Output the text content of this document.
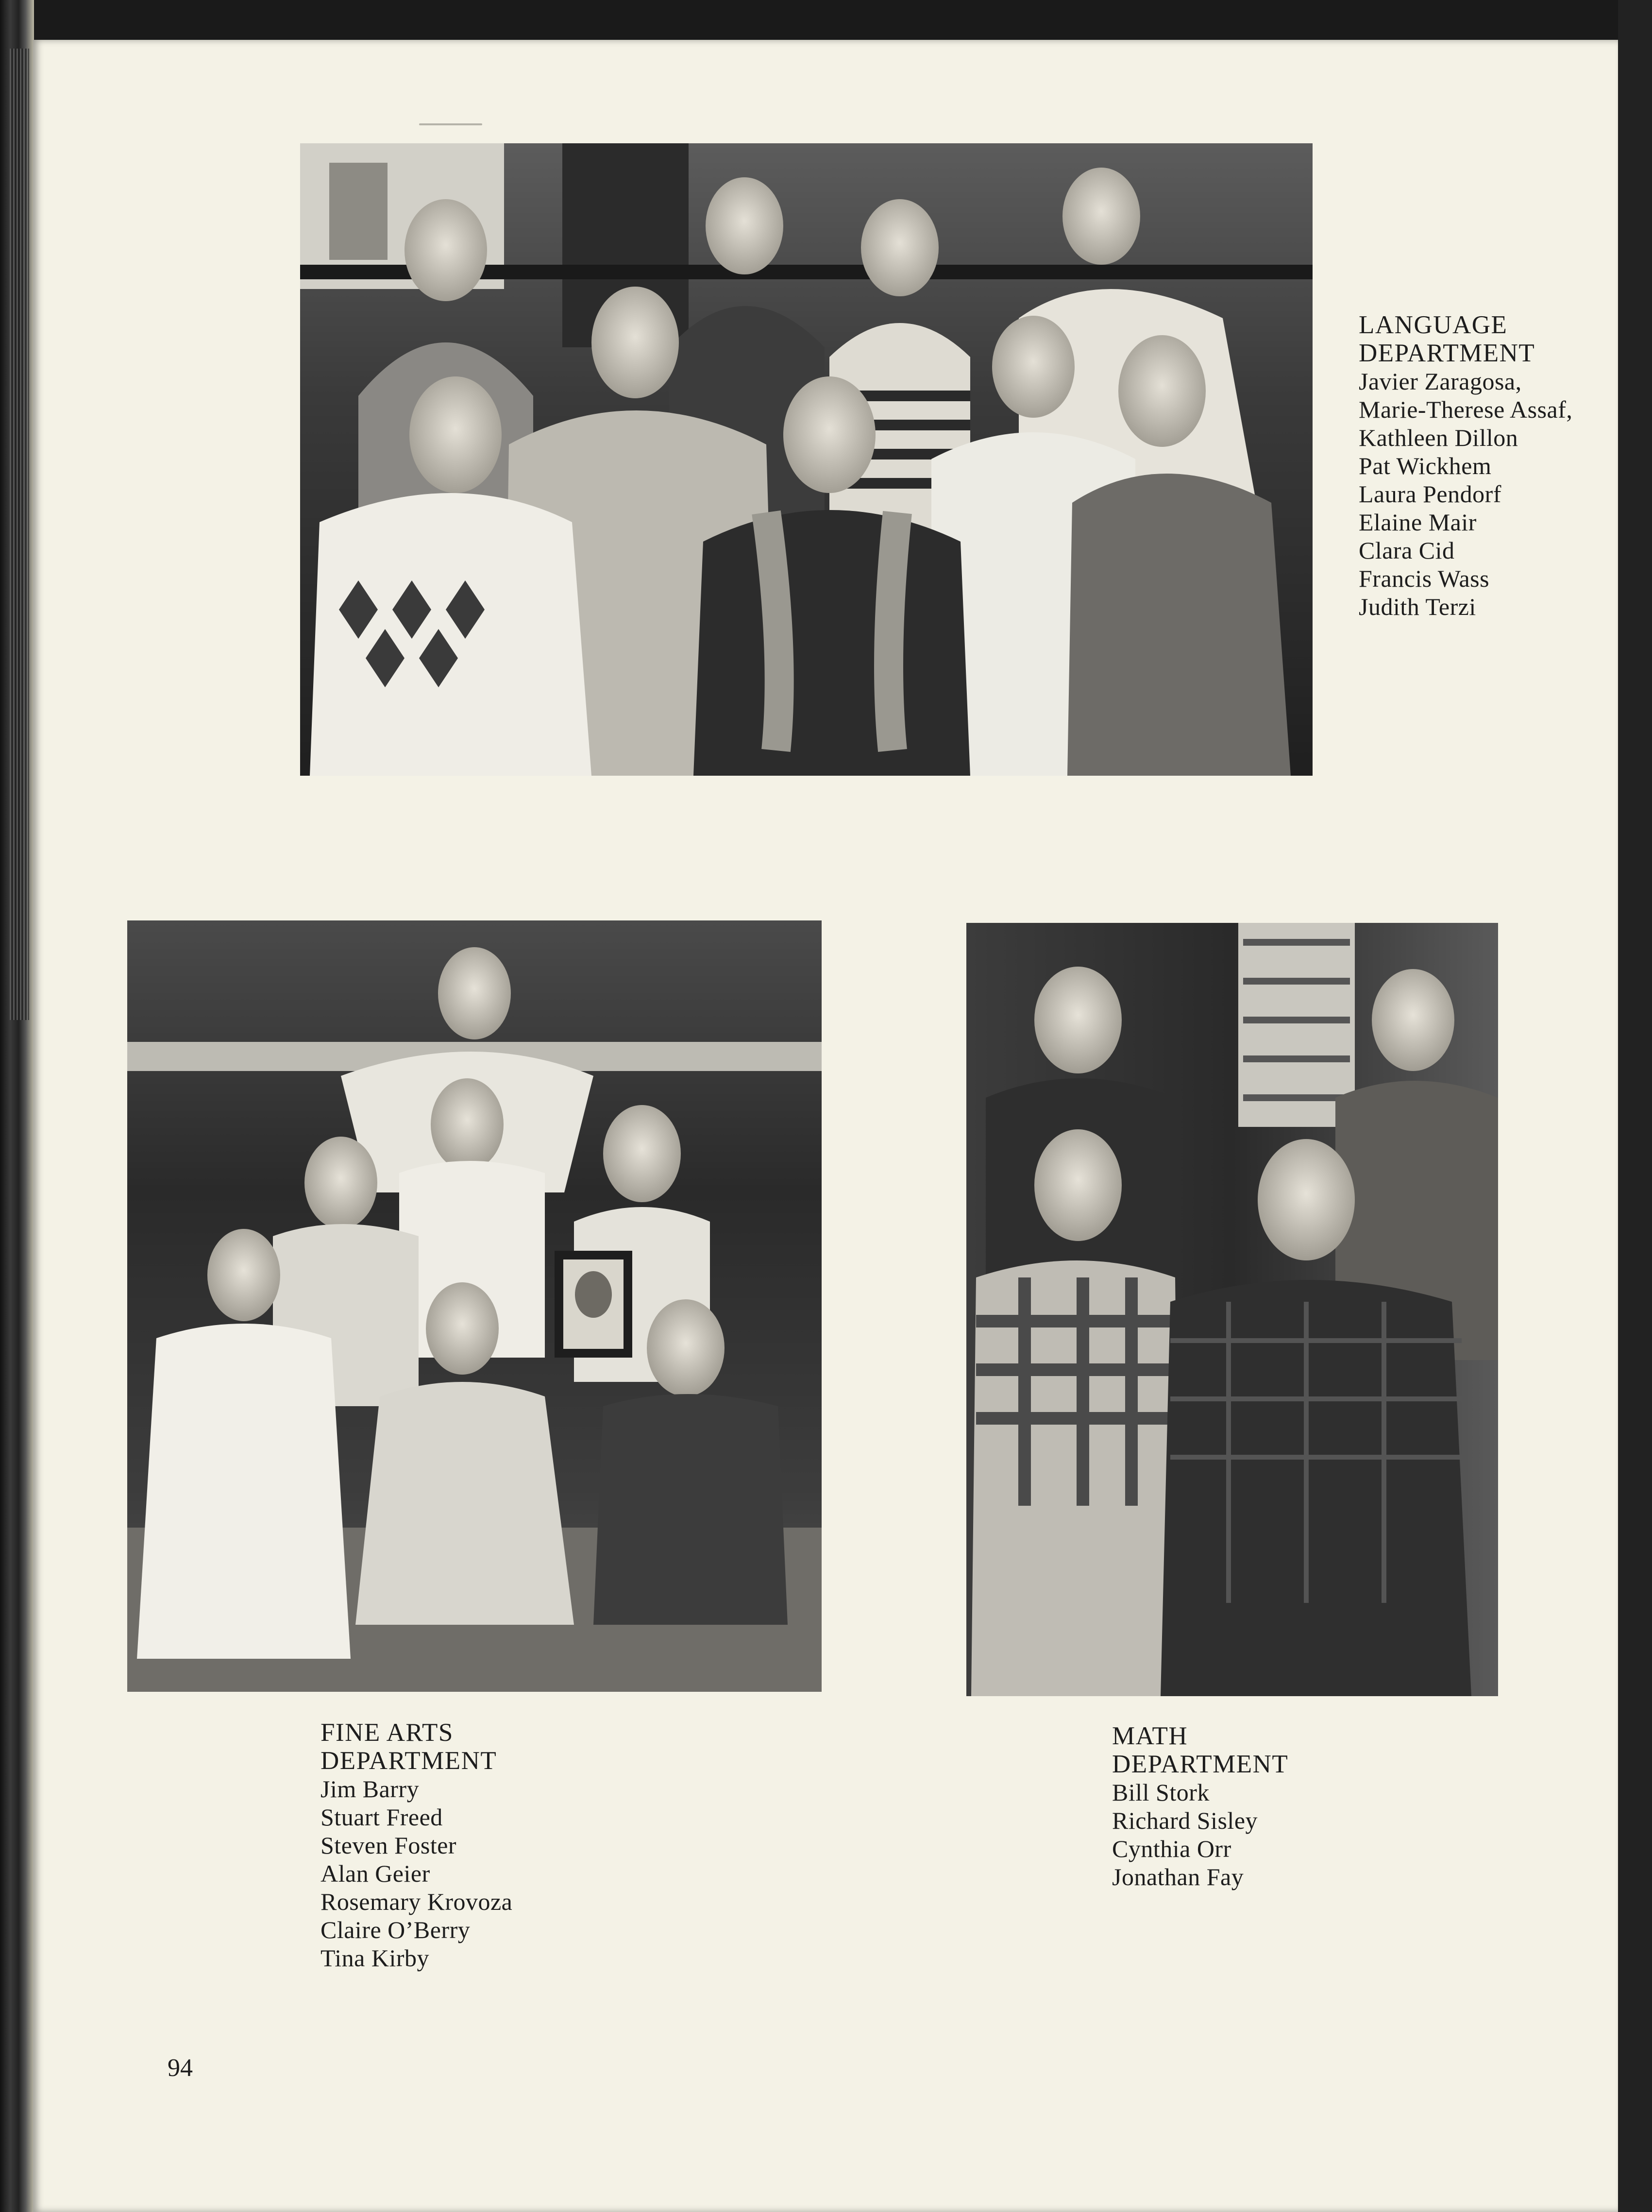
LANGUAGE
DEPARTMENT
Javier Zaragosa,
Marie-Therese Assaf,
Kathleen Dillon
Pat Wickhem
Laura Pendorf
Elaine Mair
Clara Cid
Francis Wass
Judith Terzi
FINE ARTS
DEPARTMENT
Jim Barry
Stuart Freed
Steven Foster
Alan Geier
Rosemary Krovoza
Claire O’Berry
Tina Kirby
MATH
DEPARTMENT
Bill Stork
Richard Sisley
Cynthia Orr
Jonathan Fay
94
